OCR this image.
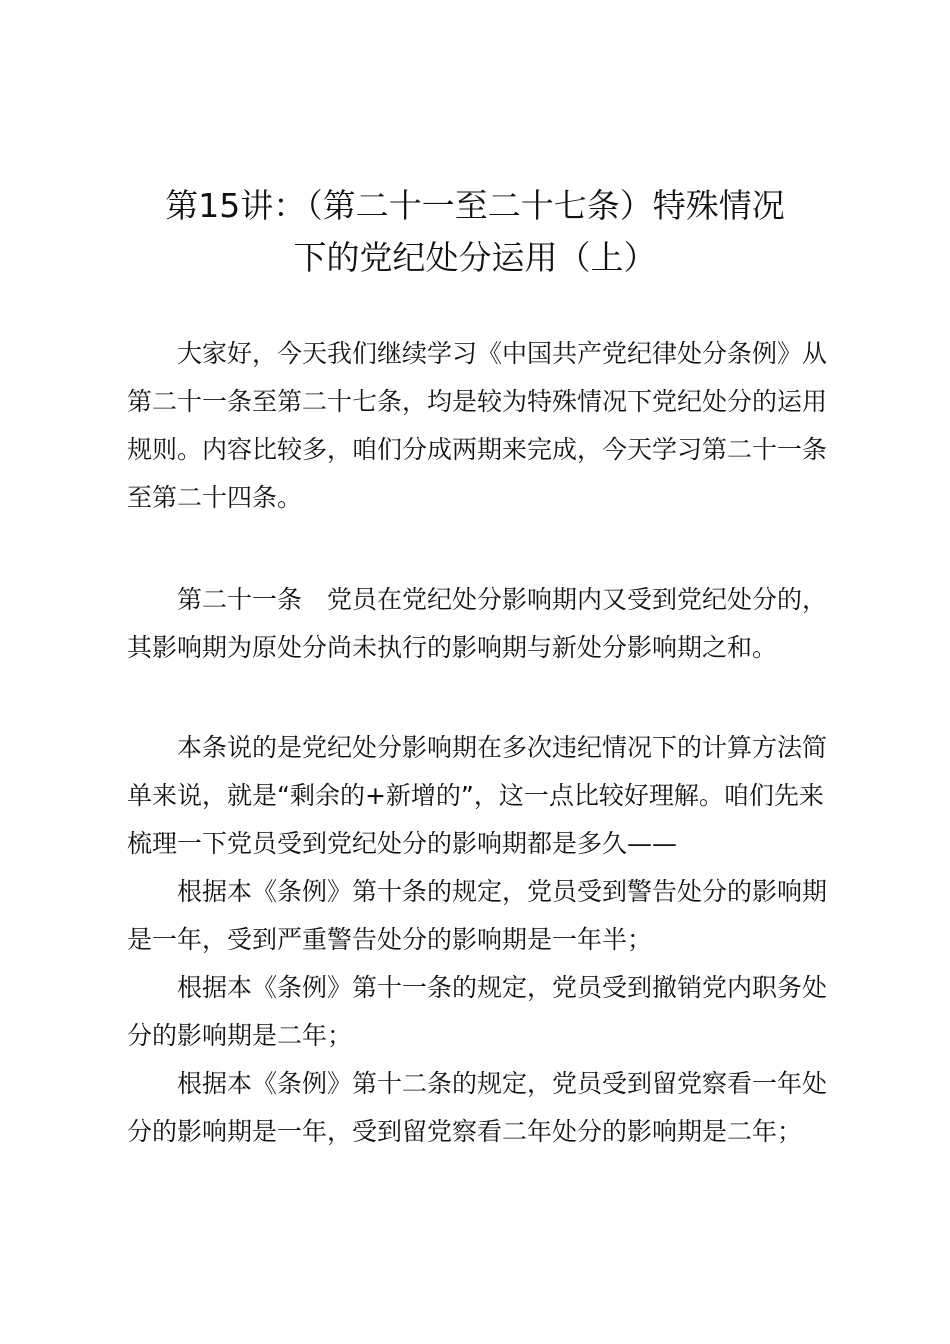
第15讲：（第二十一至二十七条）特殊情况
下的党纪处分运用（上）

大家好，今天我们继续学习《中国共产党纪律处分条例》从第二十一条至第二十七条，均是较为特殊情况下党纪处分的运用规则。内容比较多，咱们分成两期来完成，今天学习第二十一条至第二十四条。

第二十一条　党员在党纪处分影响期内又受到党纪处分的，其影响期为原处分尚未执行的影响期与新处分影响期之和。

本条说的是党纪处分影响期在多次违纪情况下的计算方法简单来说，就是“剩余的+新增的”，这一点比较好理解。咱们先来梳理一下党员受到党纪处分的影响期都是多久——

根据本《条例》第十条的规定，党员受到警告处分的影响期是一年，受到严重警告处分的影响期是一年半；

根据本《条例》第十一条的规定，党员受到撤销党内职务处分的影响期是二年；

根据本《条例》第十二条的规定，党员受到留党察看一年处分的影响期是一年，受到留党察看二年处分的影响期是二年；
